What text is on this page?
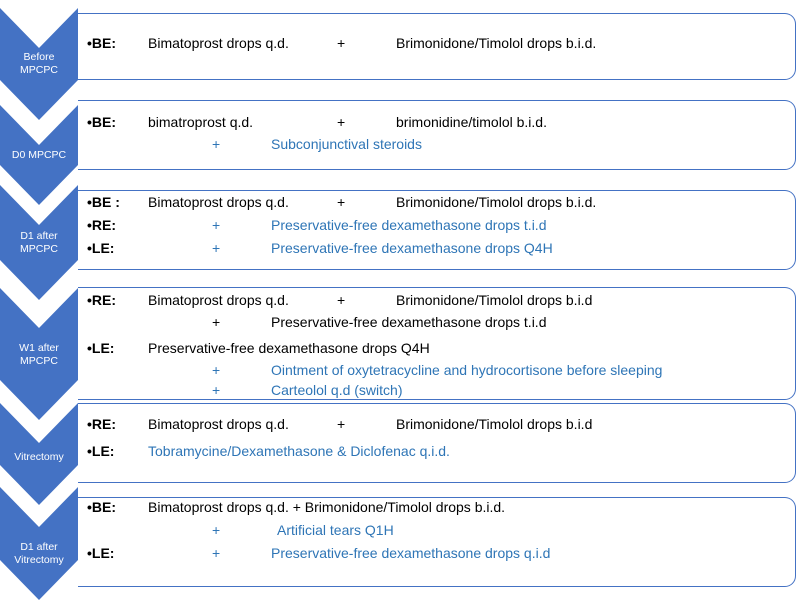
Before
MPCPC
•BE: Bimatoprost drops q.d.	+	Brimonidone/Timolol drops b.i.d.
D0 MPCPC
•BE: bimatroprost q.d.	+	brimonidine/timolol b.i.d.
+	Subconjunctival steroids
D1 after
MPCPC
•BE : Bimatoprost drops q.d.	+	Brimonidone/Timolol drops b.i.d.
•RE:	+	Preservative-free dexamethasone drops t.i.d
•LE:	+	Preservative-free dexamethasone drops Q4H
W1 after
MPCPC
•RE: Bimatoprost drops q.d.	+	Brimonidone/Timolol drops b.i.d
+	Preservative-free dexamethasone drops t.i.d
•LE: Preservative-free dexamethasone drops Q4H
+	Ointment of oxytetracycline and hydrocortisone before sleeping
+	Carteolol q.d (switch)
Vitrectomy
•RE: Bimatoprost drops q.d.	+	Brimonidone/Timolol drops b.i.d
•LE: Tobramycine/Dexamethasone & Diclofenac q.i.d.
D1 after
Vitrectomy
•BE: Bimatoprost drops q.d. + Brimonidone/Timolol drops b.i.d.
+	Artificial tears Q1H
•LE:	+	Preservative-free dexamethasone drops q.i.d
